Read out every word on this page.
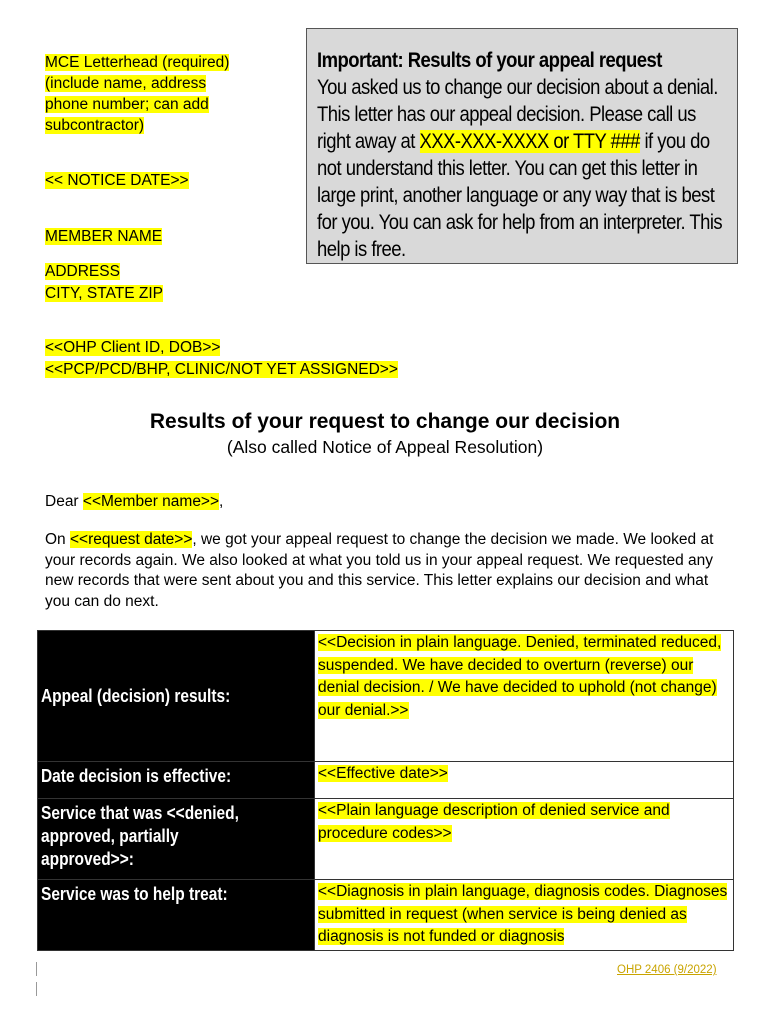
MCE Letterhead (required)
(include name, address
phone number; can add
subcontractor)
<< NOTICE DATE>>
MEMBER NAME
ADDRESS
CITY, STATE ZIP
<<OHP Client ID, DOB>>
<<PCP/PCD/BHP, CLINIC/NOT YET ASSIGNED>>
Important: Results of your appeal request
You asked us to change our decision about a denial. This letter has our appeal decision. Please call us right away at XXX-XXX-XXXX or TTY ### if you do not understand this letter. You can get this letter in large print, another language or any way that is best for you. You can ask for help from an interpreter. This help is free.
Results of your request to change our decision
(Also called Notice of Appeal Resolution)
Dear <<Member name>>,
On <<request date>>, we got your appeal request to change the decision we made. We looked at your records again. We also looked at what you told us in your appeal request. We requested any new records that were sent about you and this service. This letter explains our decision and what you can do next.
Appeal (decision) results:	<<Decision in plain language. Denied, terminated reduced, suspended. We have decided to overturn (reverse) our denial decision. / We have decided to uphold (not change) our denial.>>

Date decision is effective:	<<Effective date>>

Service that was <<denied, approved, partially approved>>:	<<Plain language description of denied service and procedure codes>>

Service was to help treat:	<<Diagnosis in plain language, diagnosis codes. Diagnoses submitted in request (when service is being denied as diagnosis is not funded or diagnosis
OHP 2406 (9/2022)
